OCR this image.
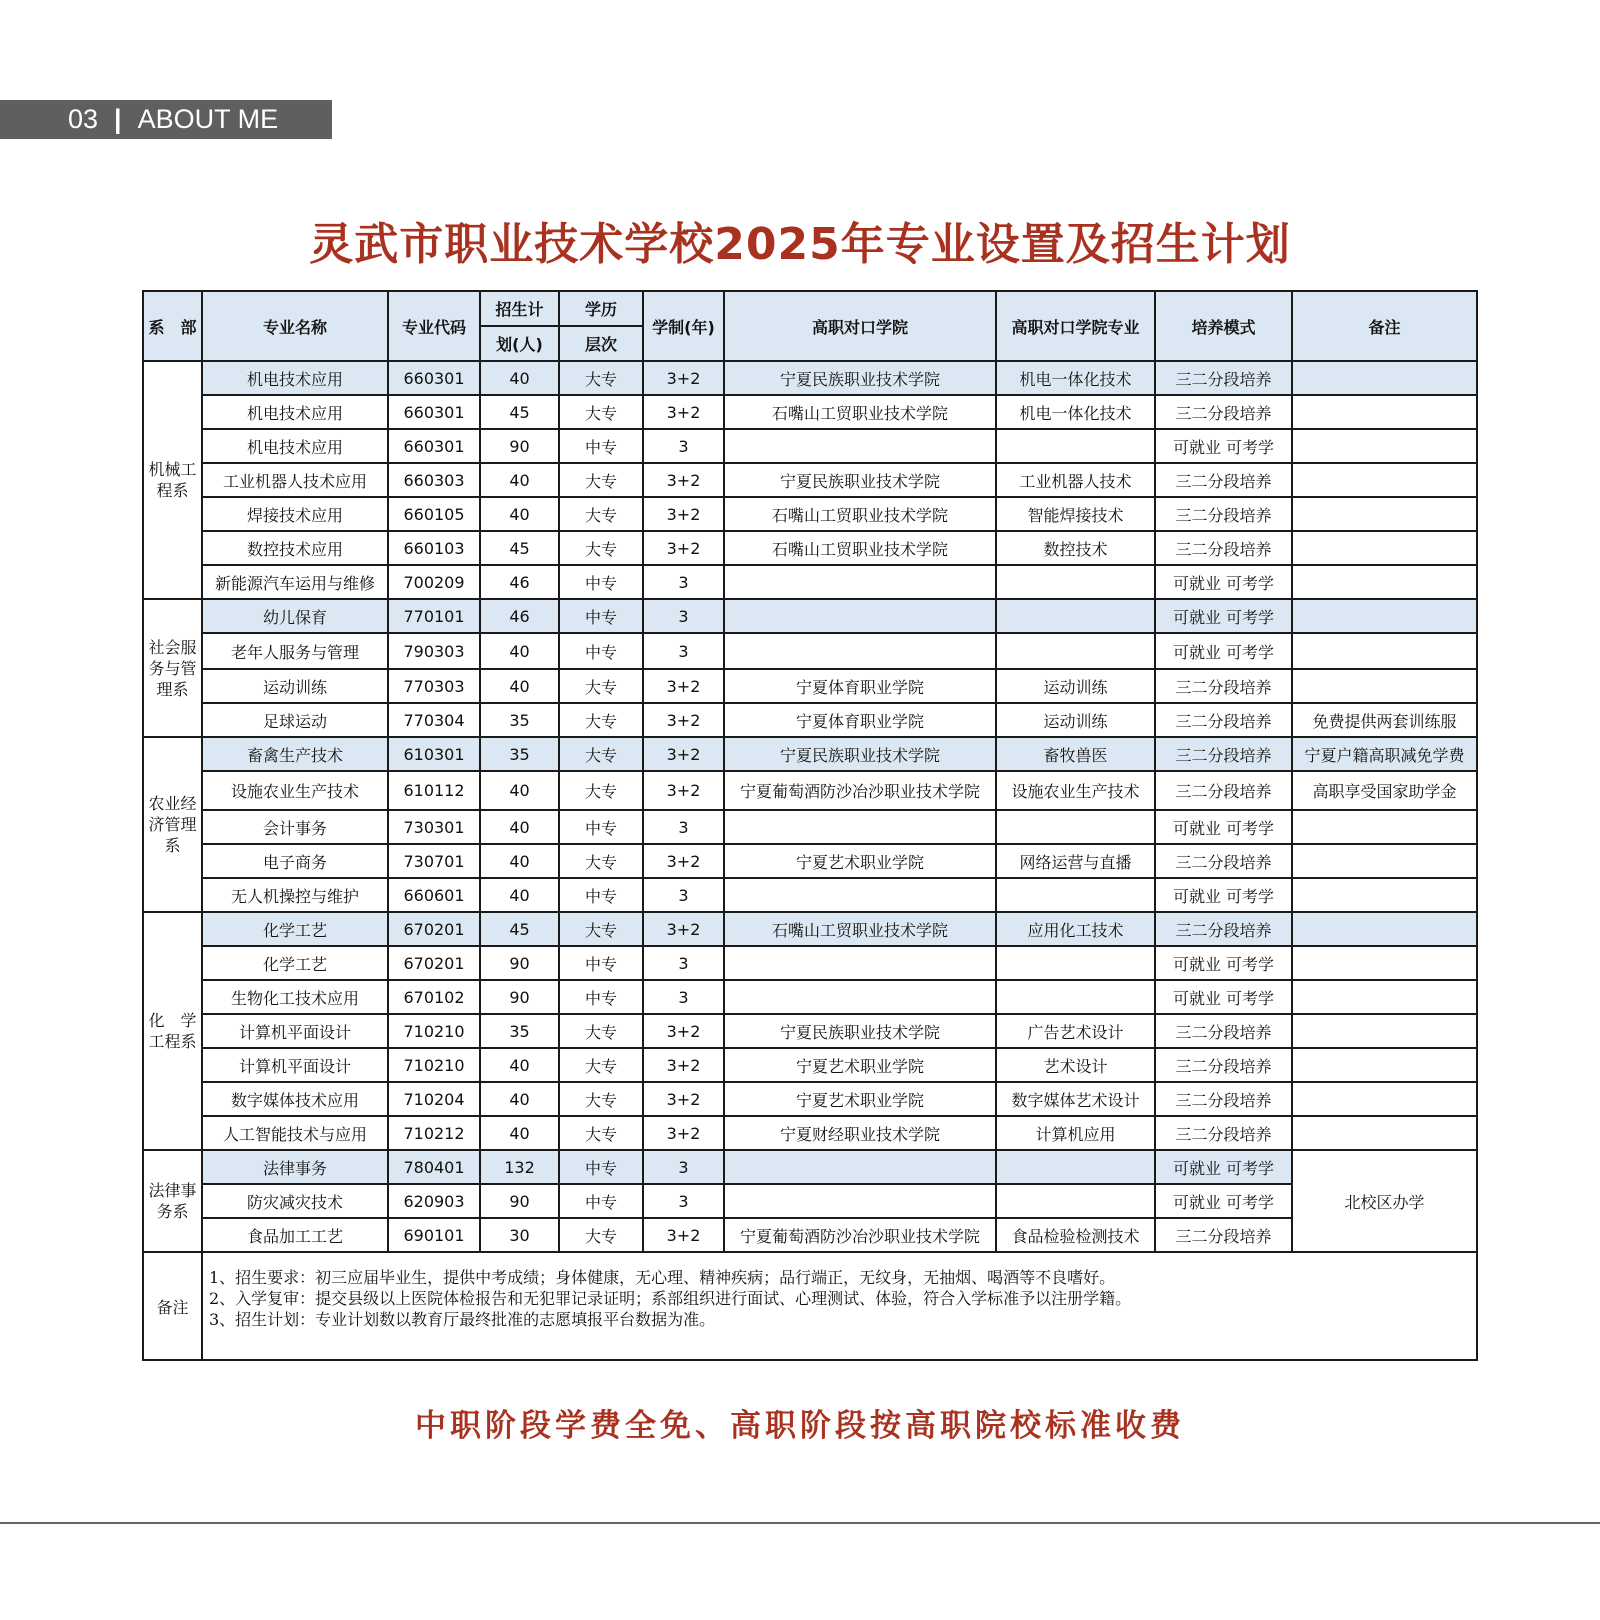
03 | ABOUT ME
灵武市职业技术学校2025年专业设置及招生计划
系　部	专业名称	专业代码	招生计	学历	学制(年)	高职对口学院	高职对口学院专业	培养模式	备注
			划(人)	层次					
机械工程系	机电技术应用	660301	40	大专	3+2	宁夏民族职业技术学院	机电一体化技术	三二分段培养	
	机电技术应用	660301	45	大专	3+2	石嘴山工贸职业技术学院	机电一体化技术	三二分段培养	
	机电技术应用	660301	90	中专	3			可就业 可考学	
	工业机器人技术应用	660303	40	大专	3+2	宁夏民族职业技术学院	工业机器人技术	三二分段培养	
	焊接技术应用	660105	40	大专	3+2	石嘴山工贸职业技术学院	智能焊接技术	三二分段培养	
	数控技术应用	660103	45	大专	3+2	石嘴山工贸职业技术学院	数控技术	三二分段培养	
	新能源汽车运用与维修	700209	46	中专	3			可就业 可考学	
社会服务与管理系	幼儿保育	770101	46	中专	3			可就业 可考学	
	老年人服务与管理	790303	40	中专	3			可就业 可考学	
	运动训练	770303	40	大专	3+2	宁夏体育职业学院	运动训练	三二分段培养	
	足球运动	770304	35	大专	3+2	宁夏体育职业学院	运动训练	三二分段培养	免费提供两套训练服
农业经济管理系	畜禽生产技术	610301	35	大专	3+2	宁夏民族职业技术学院	畜牧兽医	三二分段培养	宁夏户籍高职减免学费
	设施农业生产技术	610112	40	大专	3+2	宁夏葡萄酒防沙冶沙职业技术学院	设施农业生产技术	三二分段培养	高职享受国家助学金
	会计事务	730301	40	中专	3			可就业 可考学	
	电子商务	730701	40	大专	3+2	宁夏艺术职业学院	网络运营与直播	三二分段培养	
	无人机操控与维护	660601	40	中专	3			可就业 可考学	
化　学工程系	化学工艺	670201	45	大专	3+2	石嘴山工贸职业技术学院	应用化工技术	三二分段培养	
	化学工艺	670201	90	中专	3			可就业 可考学	
	生物化工技术应用	670102	90	中专	3			可就业 可考学	
	计算机平面设计	710210	35	大专	3+2	宁夏民族职业技术学院	广告艺术设计	三二分段培养	
	计算机平面设计	710210	40	大专	3+2	宁夏艺术职业学院	艺术设计	三二分段培养	
	数字媒体技术应用	710204	40	大专	3+2	宁夏艺术职业学院	数字媒体艺术设计	三二分段培养	
	人工智能技术与应用	710212	40	大专	3+2	宁夏财经职业技术学院	计算机应用	三二分段培养	
法律事务系	法律事务	780401	132	中专	3			可就业 可考学	北校区办学
	防灾减灾技术	620903	90	中专	3			可就业 可考学	
	食品加工工艺	690101	30	大专	3+2	宁夏葡萄酒防沙冶沙职业技术学院	食品检验检测技术	三二分段培养	
备注	1、招生要求：初三应届毕业生，提供中考成绩；身体健康，无心理、精神疾病；品行端正，无纹身，无抽烟、喝酒等不良嗜好。
2、入学复审：提交县级以上医院体检报告和无犯罪记录证明；系部组织进行面试、心理测试、体验，符合入学标准予以注册学籍。
3、招生计划：专业计划数以教育厅最终批准的志愿填报平台数据为准。								
中职阶段学费全免、高职阶段按高职院校标准收费
